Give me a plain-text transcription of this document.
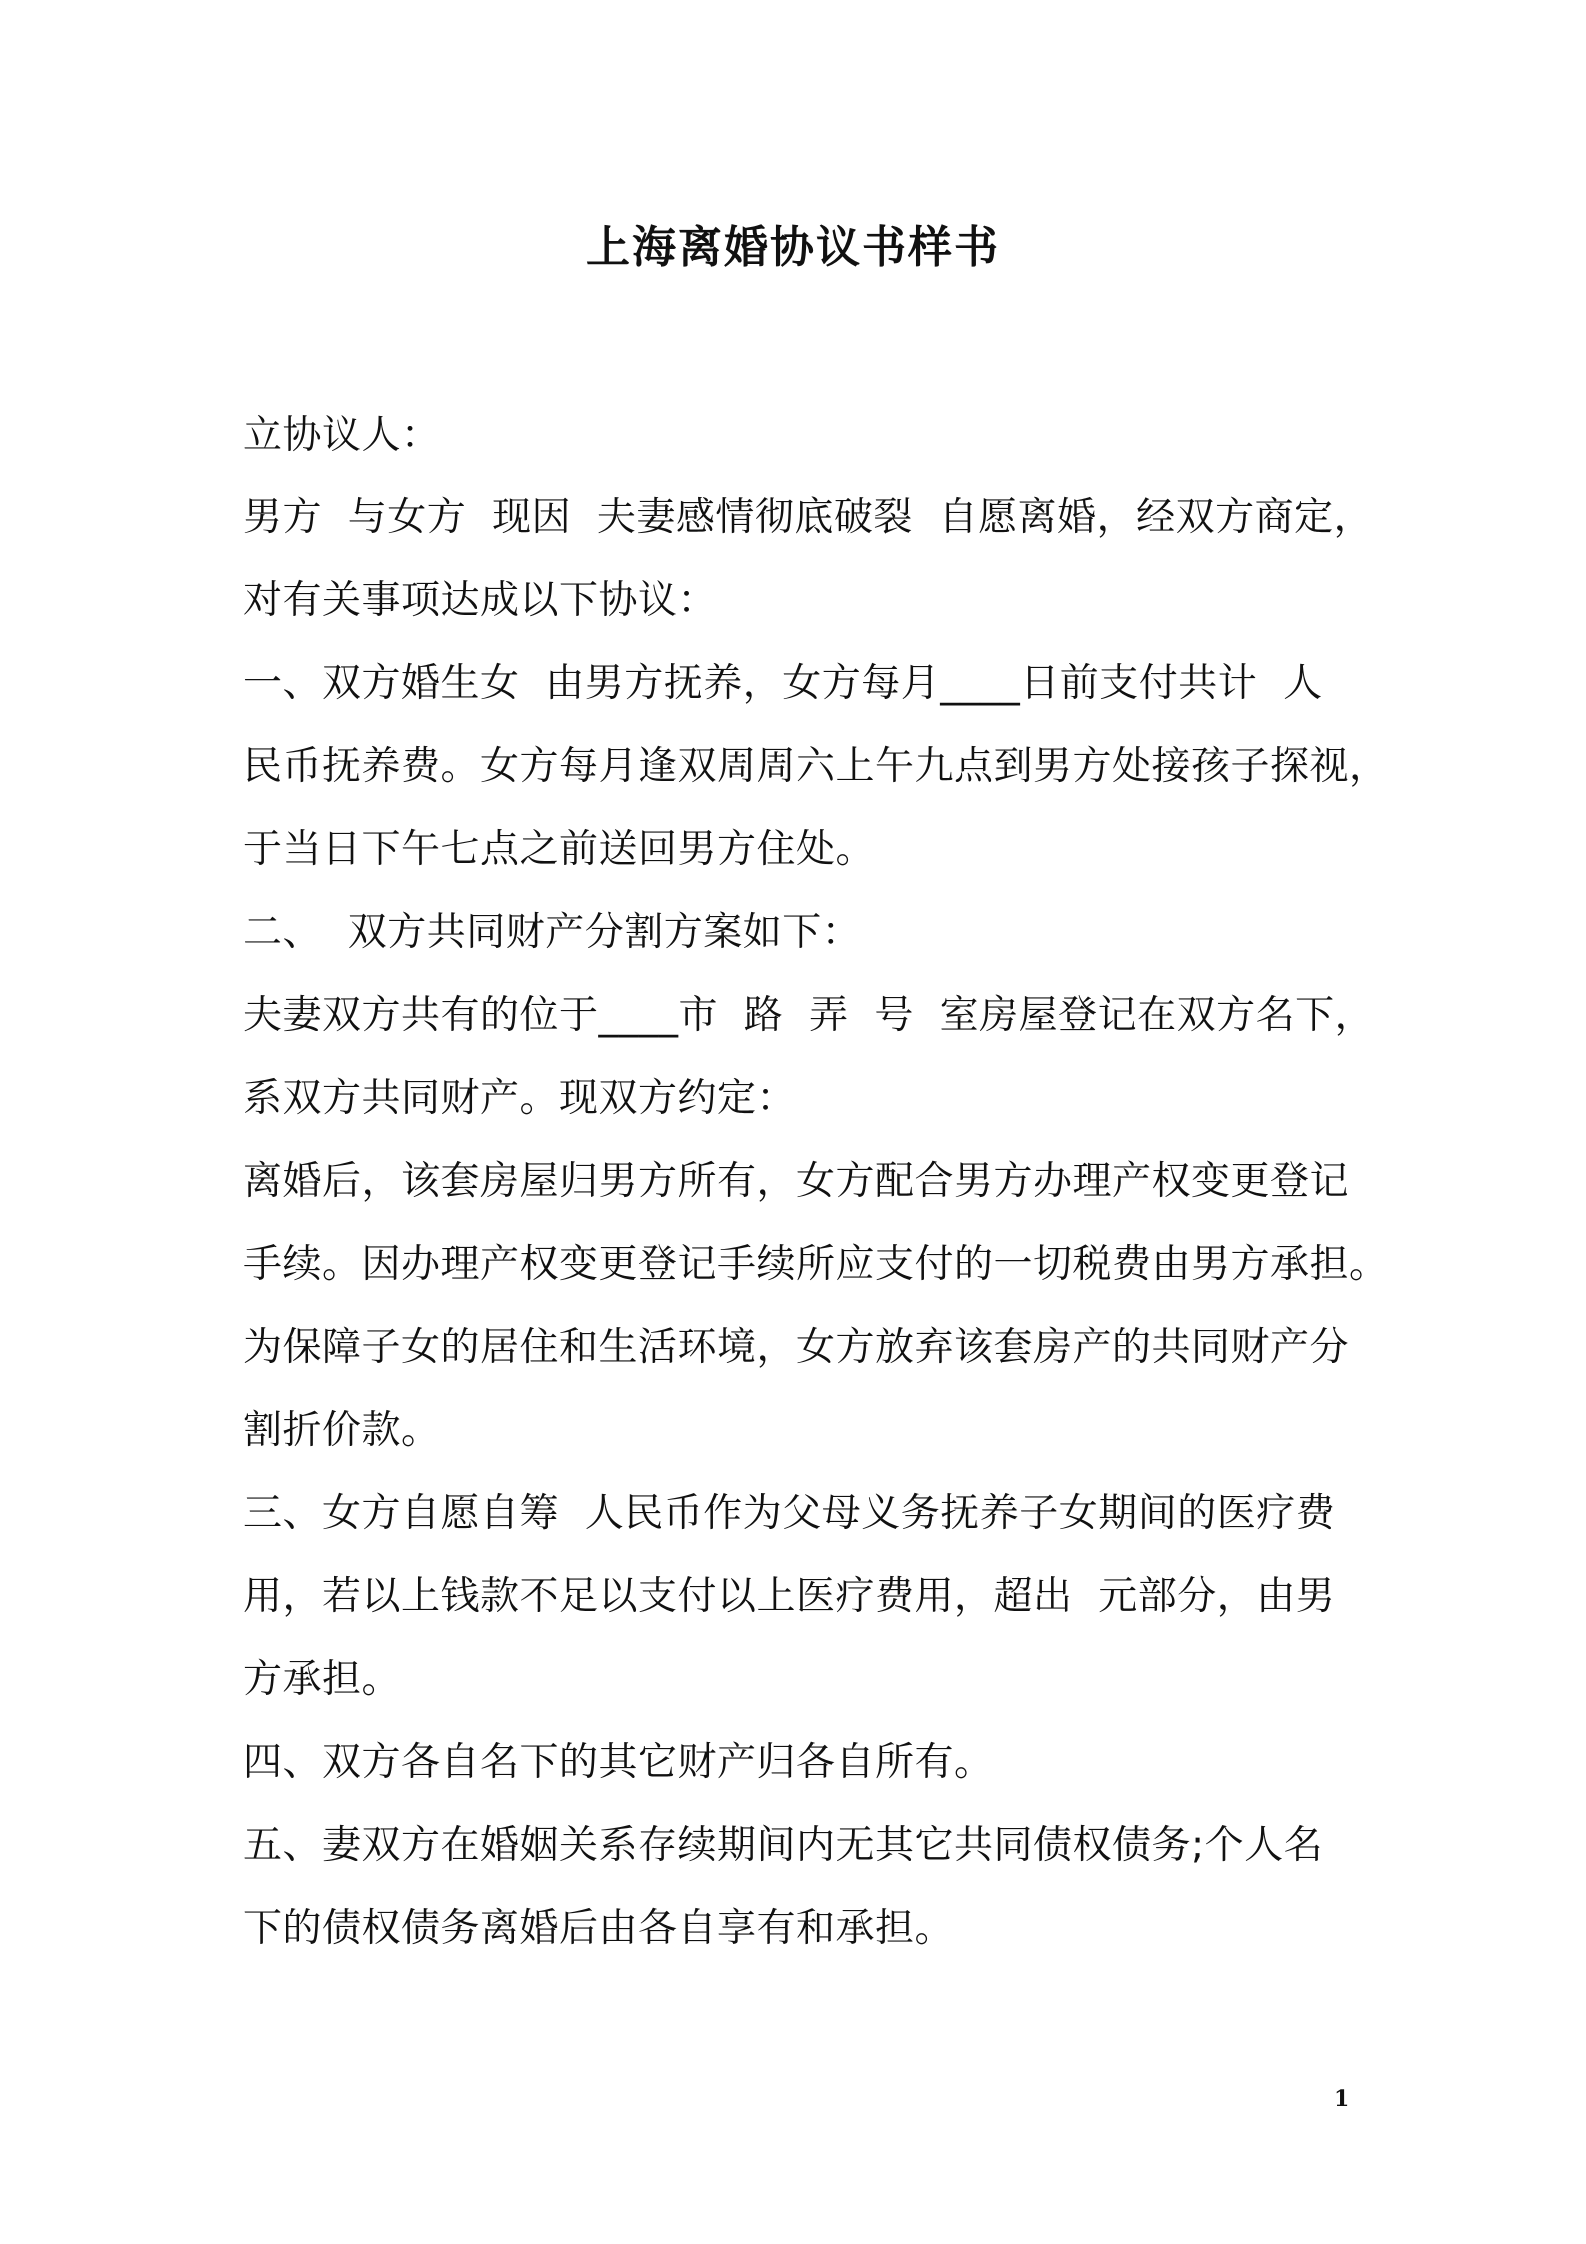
上海离婚协议书样书
立协议人：
男方  与女方  现因  夫妻感情彻底破裂  自愿离婚，经双方商定，
对有关事项达成以下协议：
一、双方婚生女  由男方抚养，女方每月____日前支付共计  人
民币抚养费。女方每月逢双周周六上午九点到男方处接孩子探视，
于当日下午七点之前送回男方住处。
二、  双方共同财产分割方案如下：
夫妻双方共有的位于____市  路  弄  号  室房屋登记在双方名下，
系双方共同财产。现双方约定：
离婚后，该套房屋归男方所有，女方配合男方办理产权变更登记
手续。因办理产权变更登记手续所应支付的一切税费由男方承担。
为保障子女的居住和生活环境，女方放弃该套房产的共同财产分
割折价款。
三、女方自愿自筹  人民币作为父母义务抚养子女期间的医疗费
用，若以上钱款不足以支付以上医疗费用，超出  元部分，由男
方承担。
四、双方各自名下的其它财产归各自所有。
五、妻双方在婚姻关系存续期间内无其它共同债权债务;个人名
下的债权债务离婚后由各自享有和承担。
1
